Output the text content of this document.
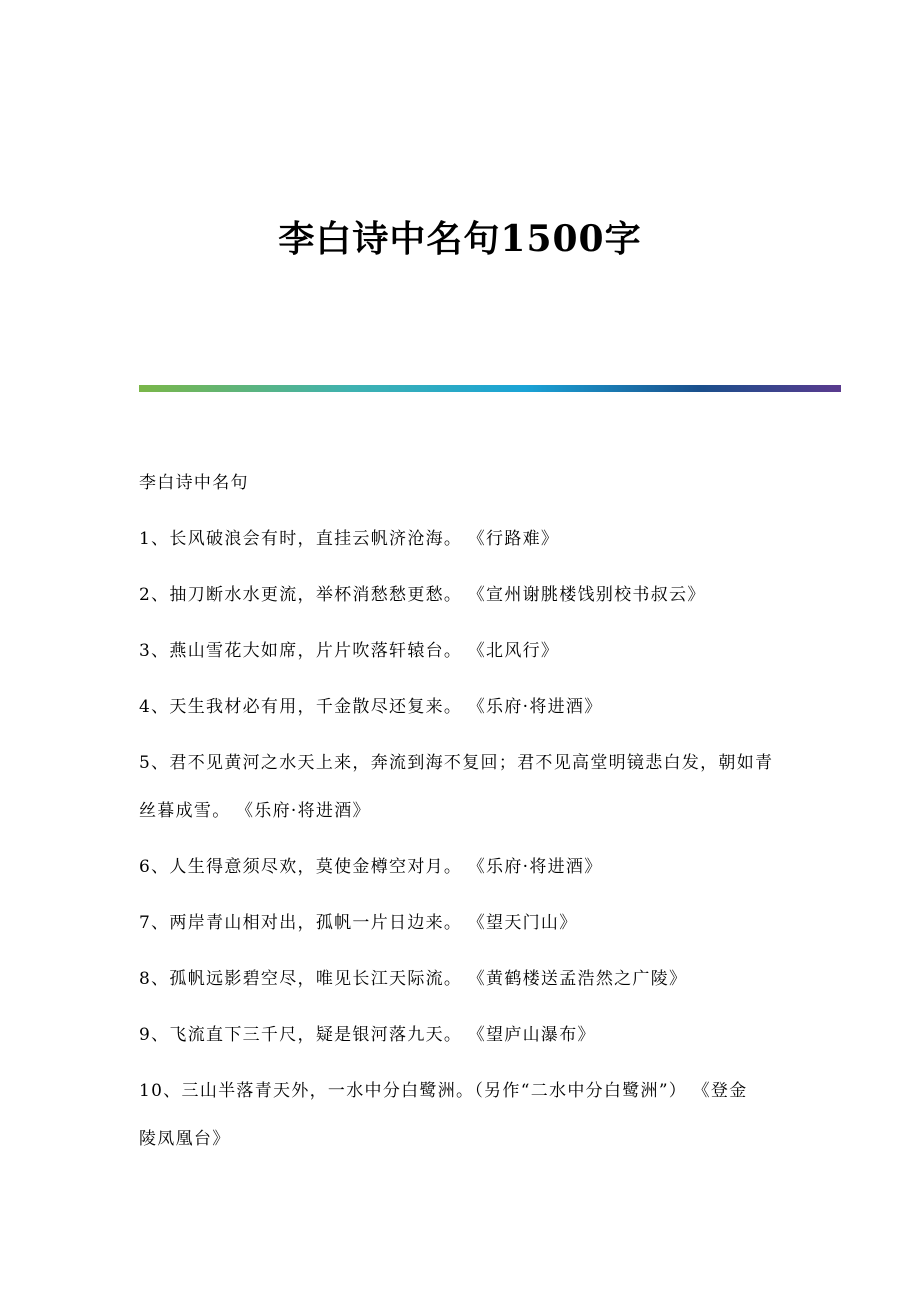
李白诗中名句1500字
李白诗中名句
1、长风破浪会有时，直挂云帆济沧海。 《行路难》
2、抽刀断水水更流，举杯消愁愁更愁。 《宣州谢朓楼饯别校书叔云》
3、燕山雪花大如席，片片吹落轩辕台。 《北风行》
4、天生我材必有用，千金散尽还复来。 《乐府·将进酒》
5、君不见黄河之水天上来，奔流到海不复回；君不见高堂明镜悲白发，朝如青
丝暮成雪。 《乐府·将进酒》
6、人生得意须尽欢，莫使金樽空对月。 《乐府·将进酒》
7、两岸青山相对出，孤帆一片日边来。 《望天门山》
8、孤帆远影碧空尽，唯见长江天际流。 《黄鹤楼送孟浩然之广陵》
9、飞流直下三千尺，疑是银河落九天。 《望庐山瀑布》
10、三山半落青天外，一水中分白鹭洲。（另作“二水中分白鹭洲”） 《登金
陵凤凰台》
